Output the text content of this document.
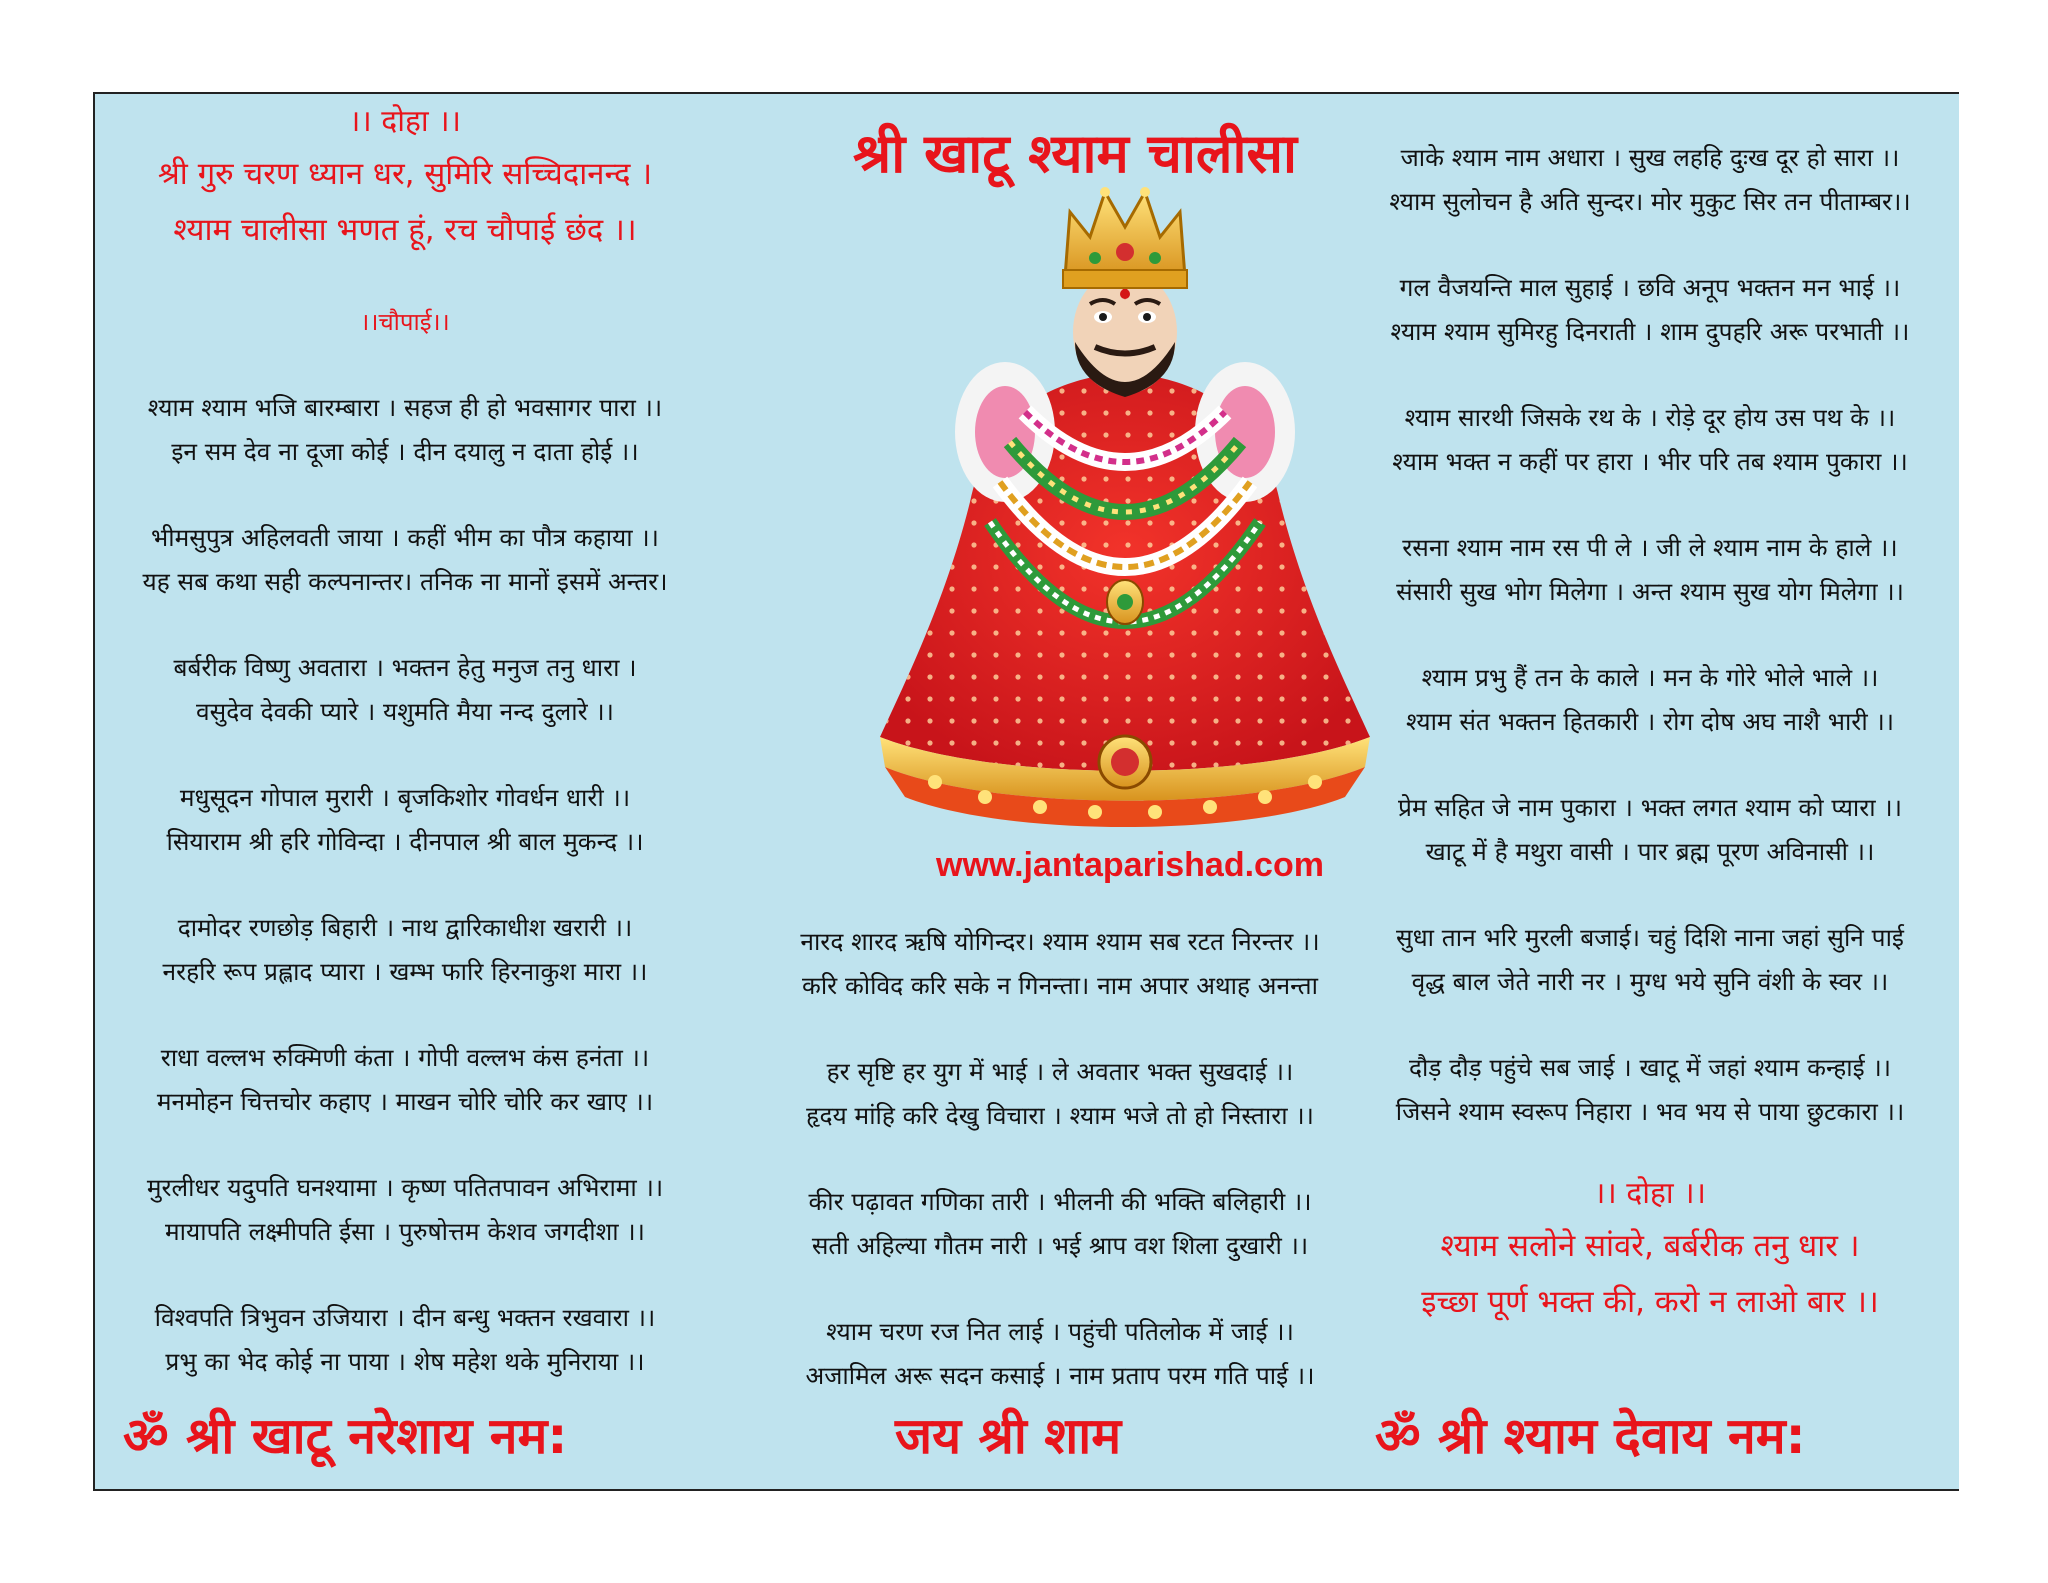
।। दोहा ।।
श्री गुरु चरण ध्यान धर, सुमिरि सच्चिदानन्द ।
श्याम चालीसा भणत हूं, रच चौपाई छंद ।।
।।चौपाई।।
श्याम श्याम भजि बारम्बारा । सहज ही हो भवसागर पारा ।।
इन सम देव ना दूजा कोई । दीन दयालु न दाता होई ।।
भीमसुपुत्र अहिलवती जाया । कहीं भीम का पौत्र कहाया ।।
यह सब कथा सही कल्पनान्तर। तनिक ना मानों इसमें अन्तर।
बर्बरीक विष्णु अवतारा । भक्तन हेतु मनुज तनु धारा ।
वसुदेव देवकी प्यारे । यशुमति मैया नन्द दुलारे ।।
मधुसूदन गोपाल मुरारी । बृजकिशोर गोवर्धन धारी ।।
सियाराम श्री हरि गोविन्दा । दीनपाल श्री बाल मुकन्द ।।
दामोदर रणछोड़ बिहारी । नाथ द्वारिकाधीश खरारी ।।
नरहरि रूप प्रह्लाद प्यारा । खम्भ फारि हिरनाकुश मारा ।।
राधा वल्लभ रुक्मिणी कंता । गोपी वल्लभ कंस हनंता ।।
मनमोहन चित्तचोर कहाए । माखन चोरि चोरि कर खाए ।।
मुरलीधर यदुपति घनश्यामा । कृष्ण पतितपावन अभिरामा ।।
मायापति लक्ष्मीपति ईसा । पुरुषोत्तम केशव जगदीशा ।।
विश्वपति त्रिभुवन उजियारा । दीन बन्धु भक्तन रखवारा ।।
प्रभु का भेद कोई ना पाया । शेष महेश थके मुनिराया ।।
श्री खाटू श्याम चालीसा
www.jantaparishad.com
नारद शारद ऋषि योगिन्दर। श्याम श्याम सब रटत निरन्तर ।।
करि कोविद करि सके न गिनन्ता। नाम अपार अथाह अनन्ता
हर सृष्टि हर युग में भाई । ले अवतार भक्त सुखदाई ।।
हृदय मांहि करि देखु विचारा । श्याम भजे तो हो निस्तारा ।।
कीर पढ़ावत गणिका तारी । भीलनी की भक्ति बलिहारी ।।
सती अहिल्या गौतम नारी । भई श्राप वश शिला दुखारी ।।
श्याम चरण रज नित लाई । पहुंची पतिलोक में जाई ।।
अजामिल अरू सदन कसाई । नाम प्रताप परम गति पाई ।।
जाके श्याम नाम अधारा । सुख लहहि दुःख दूर हो सारा ।।
श्याम सुलोचन है अति सुन्दर। मोर मुकुट सिर तन पीताम्बर।।
गल वैजयन्ति माल सुहाई । छवि अनूप भक्तन मन भाई ।।
श्याम श्याम सुमिरहु दिनराती । शाम दुपहरि अरू परभाती ।।
श्याम सारथी जिसके रथ के । रोड़े दूर होय उस पथ के ।।
श्याम भक्त न कहीं पर हारा । भीर परि तब श्याम पुकारा ।।
रसना श्याम नाम रस पी ले । जी ले श्याम नाम के हाले ।।
संसारी सुख भोग मिलेगा । अन्त श्याम सुख योग मिलेगा ।।
श्याम प्रभु हैं तन के काले । मन के गोरे भोले भाले ।।
श्याम संत भक्तन हितकारी । रोग दोष अघ नाशै भारी ।।
प्रेम सहित जे नाम पुकारा । भक्त लगत श्याम को प्यारा ।।
खाटू में है मथुरा वासी । पार ब्रह्म पूरण अविनासी ।।
सुधा तान भरि मुरली बजाई। चहुं दिशि नाना जहां सुनि पाई
वृद्ध बाल जेते नारी नर । मुग्ध भये सुनि वंशी के स्वर ।।
दौड़ दौड़ पहुंचे सब जाई । खाटू में जहां श्याम कन्हाई ।।
जिसने श्याम स्वरूप निहारा । भव भय से पाया छुटकारा ।।
।। दोहा ।।
श्याम सलोने सांवरे, बर्बरीक तनु धार ।
इच्छा पूर्ण भक्त की, करो न लाओ बार ।।
ॐ श्री खाटू नरेशाय नम:	जय श्री शाम	ॐ श्री श्याम देवाय नम:
